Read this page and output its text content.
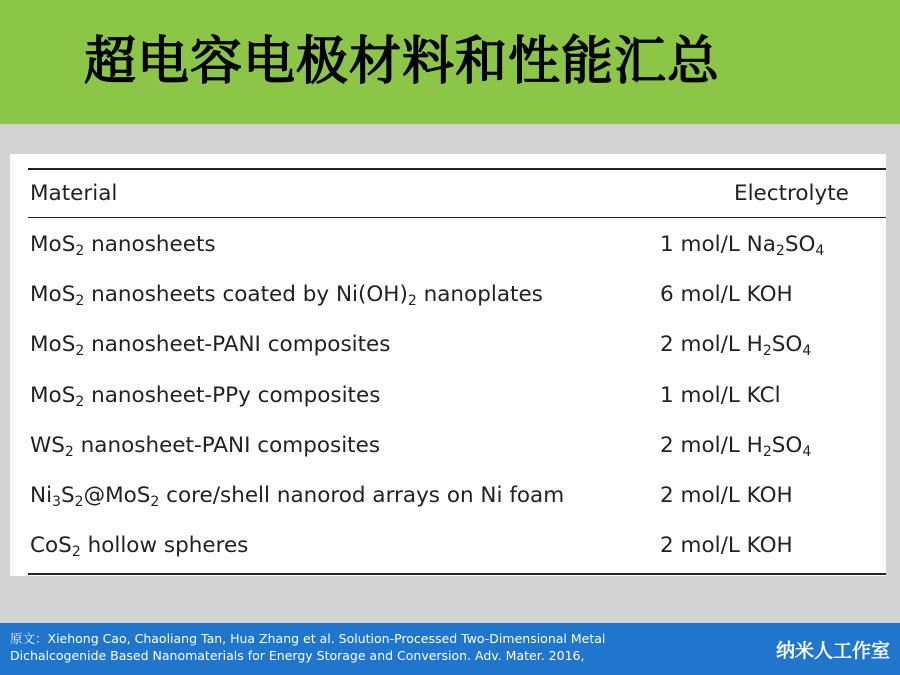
超电容电极材料和性能汇总
Material	Electrolyte
MoS$_2$ nanosheets	1 mol/L $Na_2SO_4$
MoS$_2$ nanosheets coated by $Ni(OH)_2$ nanoplates	6 mol/L KOH
MoS$_2$ nanosheet-PANI composites	2 mol/L $H_2SO_4$
MoS$_2$ nanosheet-PPy composites	1 mol/L KCl
$WS_2$ nanosheet-PANI composites	2 mol/L $H_2SO_4$
$Ni_3S_2@MoS_2$ core/shell nanorod arrays on Ni foam	2 mol/L KOH
CoS$_2$ hollow spheres	2 mol/L KOH
原文：Xiehong Cao, Chaoliang Tan, Hua Zhang et al. Solution-Processed Two-Dimensional Metal Dichalcogenide Based Nanomaterials for Energy Storage and Conversion. Adv. Mater. 2016,	纳米人工作室
